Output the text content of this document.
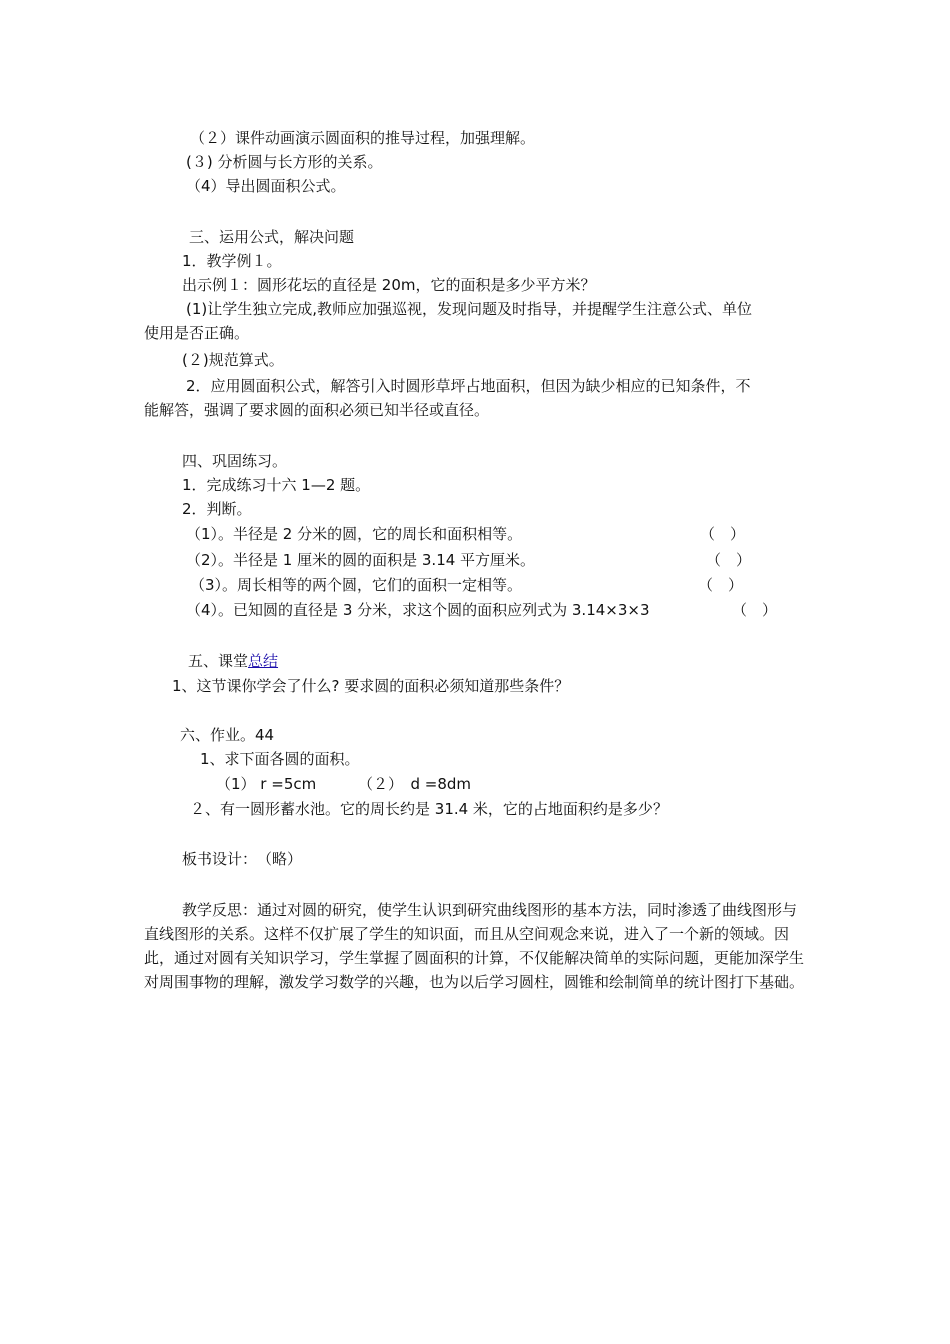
（２）课件动画演示圆面积的推导过程，加强理解。
(３) 分析圆与长方形的关系。
（4）导出圆面积公式。
三、运用公式，解决问题
1．教学例１。
出示例１：圆形花坛的直径是 20m，它的面积是多少平方米？
(1)让学生独立完成,教师应加强巡视，发现问题及时指导，并提醒学生注意公式、单位
使用是否正确。
(２)规范算式。
2．应用圆面积公式，解答引入时圆形草坪占地面积，但因为缺少相应的已知条件，不
能解答，强调了要求圆的面积必须已知半径或直径。
四、巩固练习。
1．完成练习十六 1—2 题。
2．判断。
（1）。半径是 2 分米的圆，它的周长和面积相等。	（　）
（2）。半径是 1 厘米的圆的面积是 3.14 平方厘米。	（　）
（3）。周长相等的两个圆，它们的面积一定相等。	（　）
（4）。已知圆的直径是 3 分米，求这个圆的面积应列式为 3.14×3×3	（　）
五、课堂总结
1、这节课你学会了什么? 要求圆的面积必须知道那些条件？
六、作业。44
1、求下面各圆的面积。
（1） r =5cm	（２）　d =8dm
２、有一圆形蓄水池。它的周长约是 31.4 米，它的占地面积约是多少？
板书设计：　（略）
教学反思：通过对圆的研究，使学生认识到研究曲线图形的基本方法，同时渗透了曲线图形与直线图形的关系。这样不仅扩展了学生的知识面，而且从空间观念来说，进入了一个新的领域。因此，通过对圆有关知识学习，学生掌握了圆面积的计算，不仅能解决简单的实际问题，更能加深学生对周围事物的理解，激发学习数学的兴趣，也为以后学习圆柱，圆锥和绘制简单的统计图打下基础。
